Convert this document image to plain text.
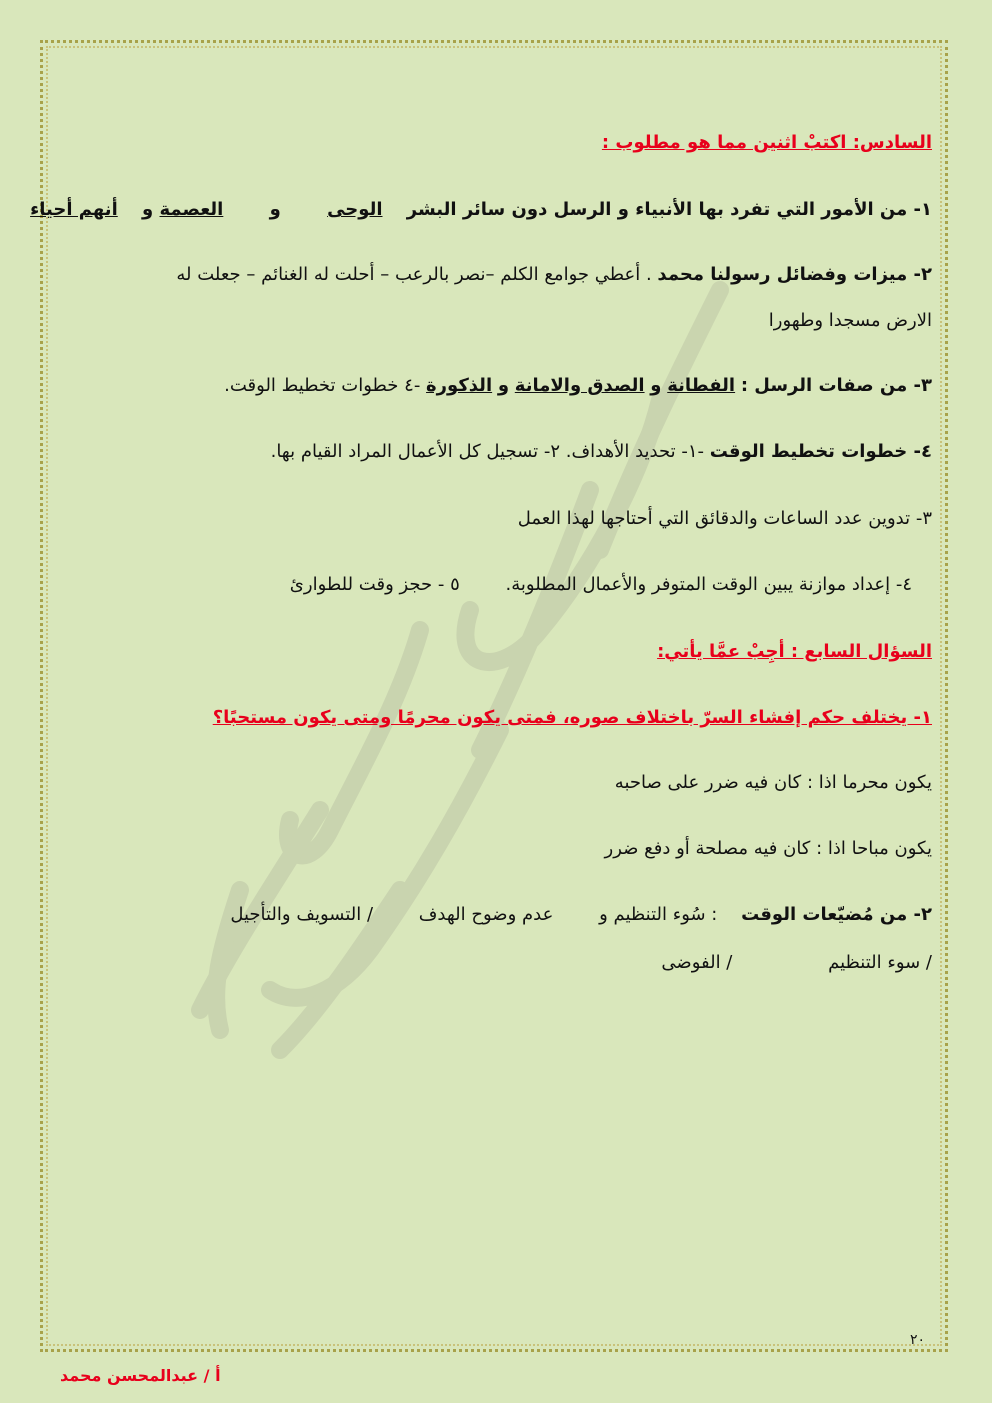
السادس: اكتبْ اثنين مما هو مطلوب :
١- من الأمور التي تفرد بها الأنبياء و الرسل دون سائر البشر الوحى و العصمة و أنهم أحياء
٢- ميزات وفضائل رسولنا محمد . أعطي جوامع الكلم –نصر بالرعب – أحلت له الغنائم – جعلت له
الارض مسجدا وطهورا
٣- من صفات الرسل : الفطانة و الصدق والامانة و الذكورة -٤ خطوات تخطيط الوقت.
٤- خطوات تخطيط الوقت -١- تحديد الأهداف. ٢- تسجيل كل الأعمال المراد القيام بها.
٣- تدوين عدد الساعات والدقائق التي أحتاجها لهذا العمل
٤- إعداد موازنة يبين الوقت المتوفر والأعمال المطلوبة. ٥ - حجز وقت للطوارئ
السؤال السابع : أجِبْ عمَّا يأتي:
١- يختلف حكم إفشاء السرّ باختلاف صوره، فمتى يكون محرمًا ومتى يكون مستحبًا؟
يكون محرما اذا : كان فيه ضرر على صاحبه
يكون مباحا اذا : كان فيه مصلحة أو دفع ضرر
٢- من مُضيّعات الوقت : سُوء التنظيم و عدم وضوح الهدف / التسويف والتأجيل
/ سوء التنظيم / الفوضى
٢٠
أ / عبدالمحسن محمد
